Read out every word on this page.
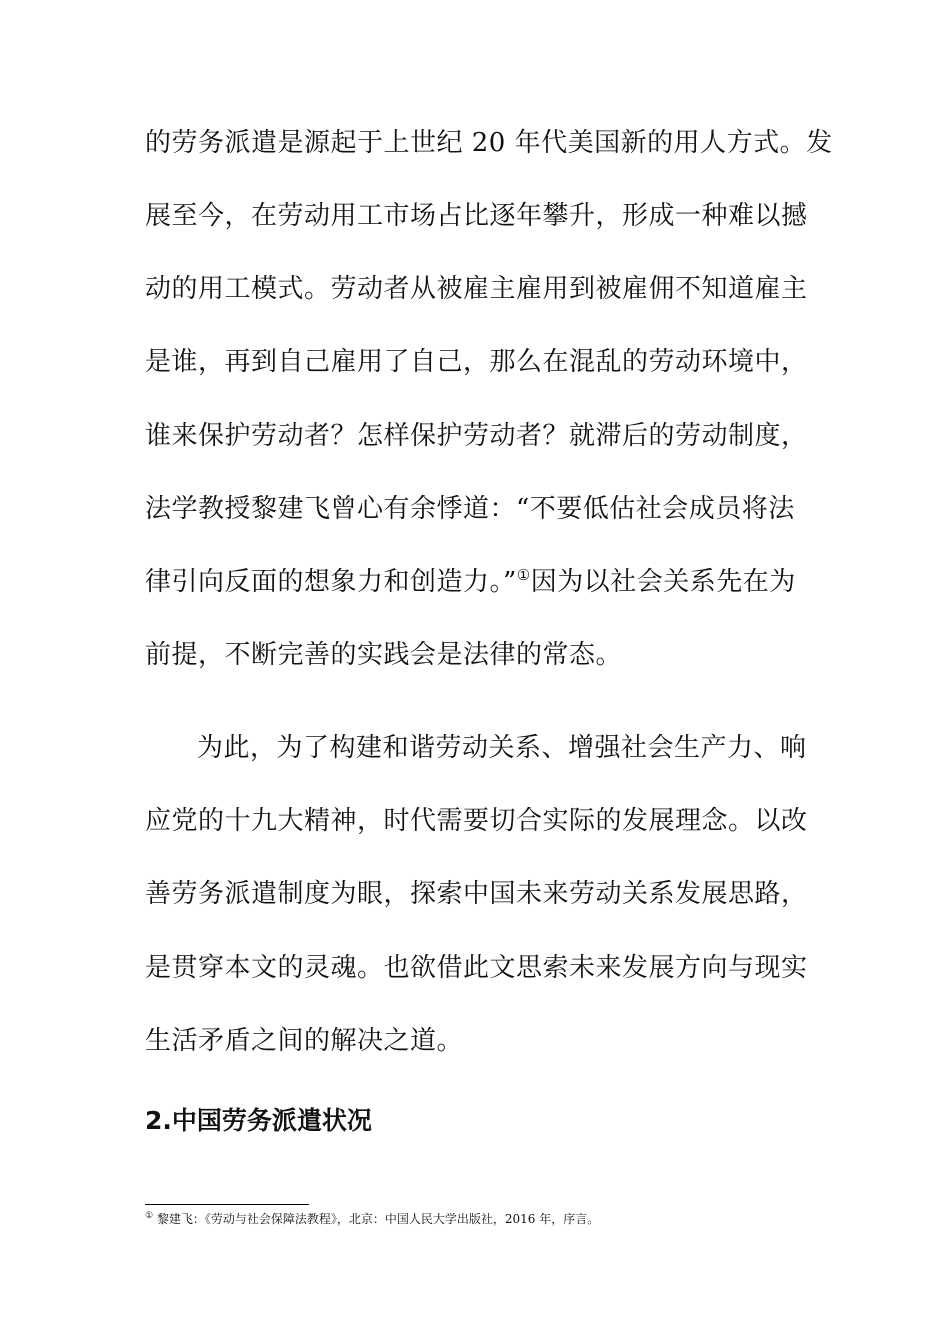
的劳务派遣是源起于上世纪 20 年代美国新的用人方式。发
展至今，在劳动用工市场占比逐年攀升，形成一种难以撼
动的用工模式。劳动者从被雇主雇用到被雇佣不知道雇主
是谁，再到自己雇用了自己，那么在混乱的劳动环境中，
谁来保护劳动者？怎样保护劳动者？就滞后的劳动制度，
法学教授黎建飞曾心有余悸道：“不要低估社会成员将法
律引向反面的想象力和创造力。”①因为以社会关系先在为
前提，不断完善的实践会是法律的常态。
为此，为了构建和谐劳动关系、增强社会生产力、响
应党的十九大精神，时代需要切合实际的发展理念。以改
善劳务派遣制度为眼，探索中国未来劳动关系发展思路，
是贯穿本文的灵魂。也欲借此文思索未来发展方向与现实
生活矛盾之间的解决之道。
2.中国劳务派遣状况
① 黎建飞：《劳动与社会保障法教程》，北京：中国人民大学出版社，2016 年，序言。
